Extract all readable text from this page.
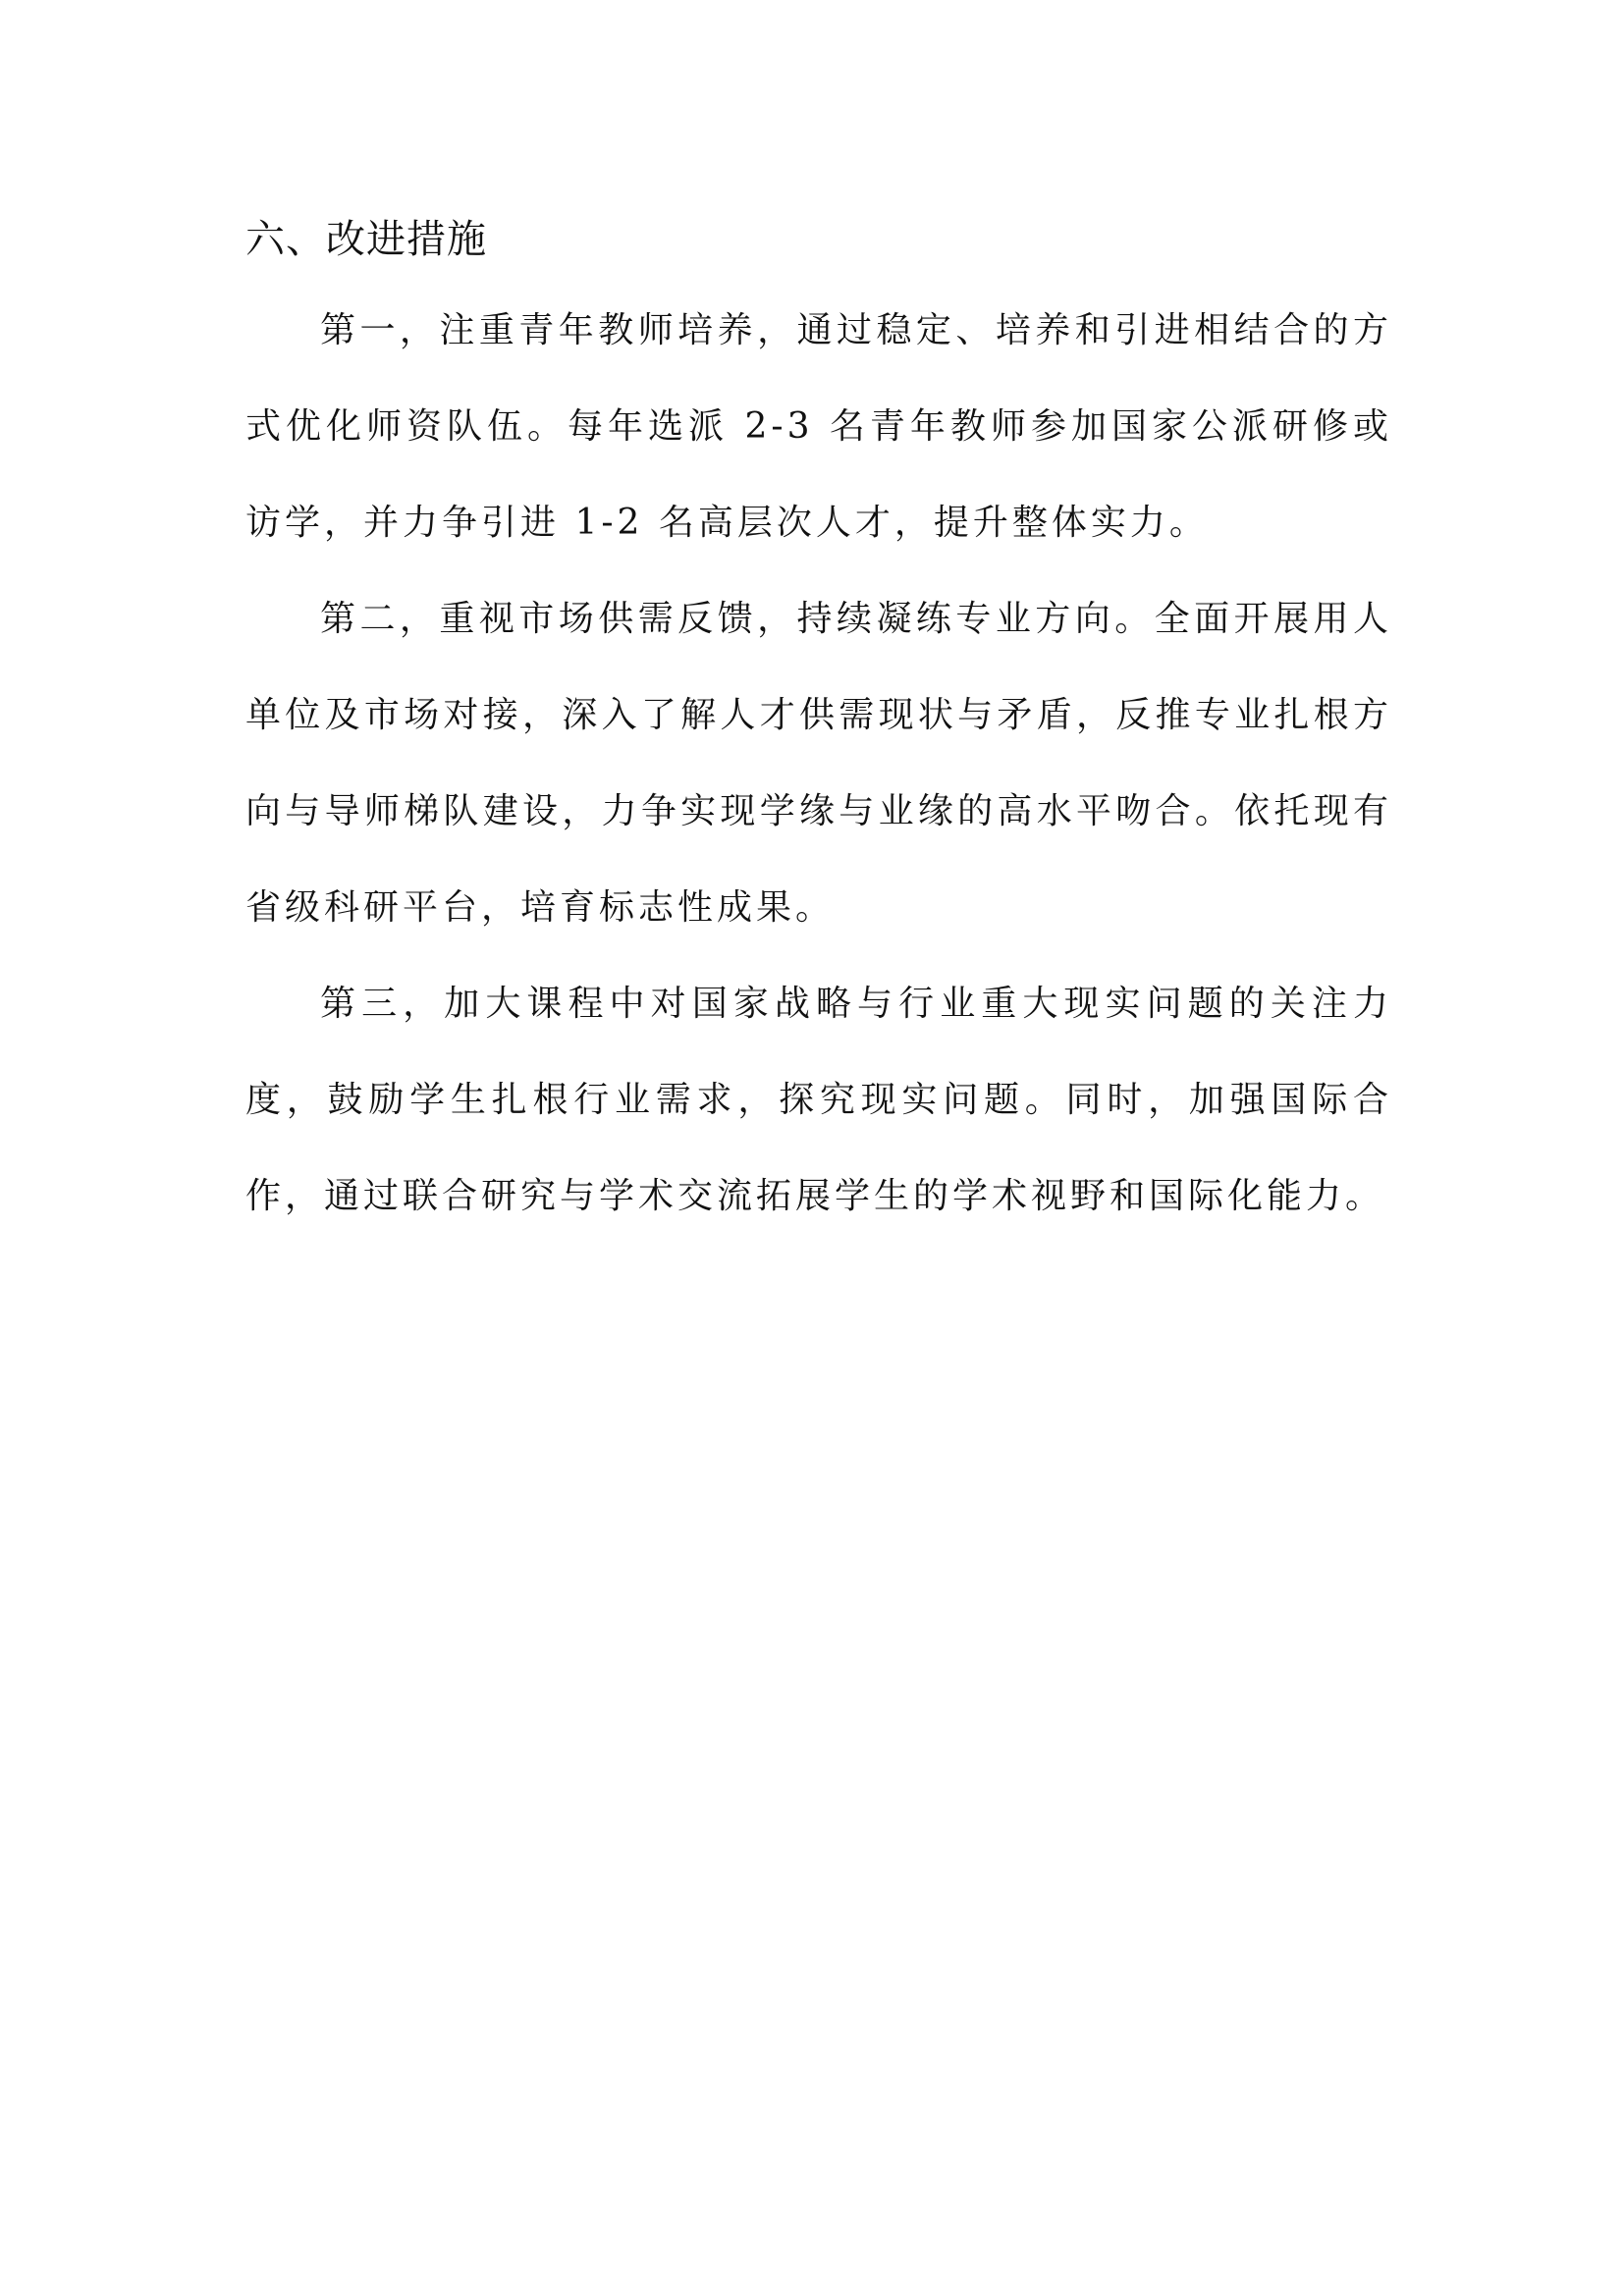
六、改进措施

第一，注重青年教师培养，通过稳定、培养和引进相结合的方式优化师资队伍。每年选派 2-3 名青年教师参加国家公派研修或访学，并力争引进 1-2 名高层次人才，提升整体实力。

第二，重视市场供需反馈，持续凝练专业方向。全面开展用人单位及市场对接，深入了解人才供需现状与矛盾，反推专业扎根方向与导师梯队建设，力争实现学缘与业缘的高水平吻合。依托现有省级科研平台，培育标志性成果。

第三，加大课程中对国家战略与行业重大现实问题的关注力度，鼓励学生扎根行业需求，探究现实问题。同时，加强国际合作，通过联合研究与学术交流拓展学生的学术视野和国际化能力。
